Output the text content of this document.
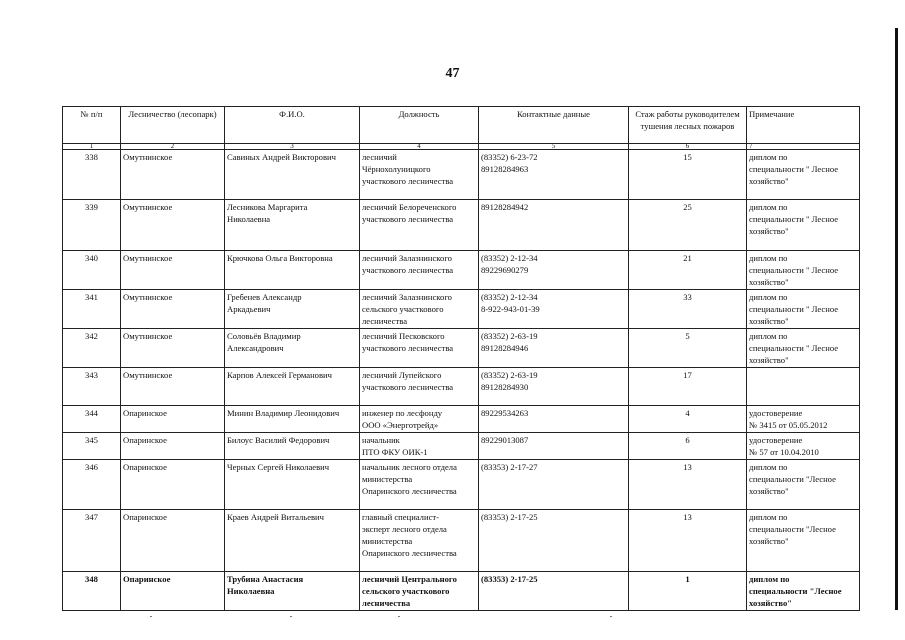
47
№ п/п	Лесничество (лесопарк)	Ф.И.О.	Должность	Контактные данные	Стаж работы руководителем тушения лесных пожаров	Примечание
1	2	3	4	5	6	7
338	Омутнинское	Савиных Андрей Викторович	лесничий
Чёрнохолуницкого
участкового лесничества	(83352) 6-23-72
89128284963	15	диплом по
специальности " Лесное
хозяйство"
339	Омутнинское	Лесникова Маргарита
Николаевна	лесничий Белореченского
участкового лесничества	89128284942	25	диплом по
специальности " Лесное
хозяйство"
340	Омутнинское	Крючкова Ольга Викторовна	лесничий Залазнинского
участкового лесничества	(83352) 2-12-34
89229690279	21	диплом по
специальности " Лесное
хозяйство"
341	Омутнинское	Гребенев Александр
Аркадьевич	лесничий Залазнинского
сельского участкового
лесничества	(83352) 2-12-34
8-922-943-01-39	33	диплом по
специальности " Лесное
хозяйство"
342	Омутнинское	Соловьёв Владимир
Александрович	лесничий Песковского
участкового лесничества	(83352) 2-63-19
89128284946	5	диплом по
специальности " Лесное
хозяйство"
343	Омутнинское	Карпов Алексей Германович	лесничий Лупейского
участкового лесничества	(83352) 2-63-19
89128284930	17	
344	Опаринское	Минин Владимир Леонидович	инженер по лесфонду
ООО «Энерготрейд»	89229534263	4	удостоверение
№ 3415 от 05.05.2012
345	Опаринское	Билоус Василий Федорович	начальник
ПТО ФКУ ОИК-1	89229013087	6	удостоверение
№ 57 от 10.04.2010
346	Опаринское	Черных Сергей Николаевич	начальник лесного отдела
министерства
Опаринского лесничества	(83353) 2-17-27	13	диплом по
специальности "Лесное
хозяйство"
347	Опаринское	Краев Андрей Витальевич	главный специалист-
эксперт лесного отдела
министерства
Опаринского лесничества	(83353) 2-17-25	13	диплом по
специальности "Лесное
хозяйство"
348	Опаринское	Трубина Анастасия
Николаевна	лесничий Центрального
сельского участкового
лесничества	(83353) 2-17-25	1	диплом по
специальности "Лесное
хозяйство"
